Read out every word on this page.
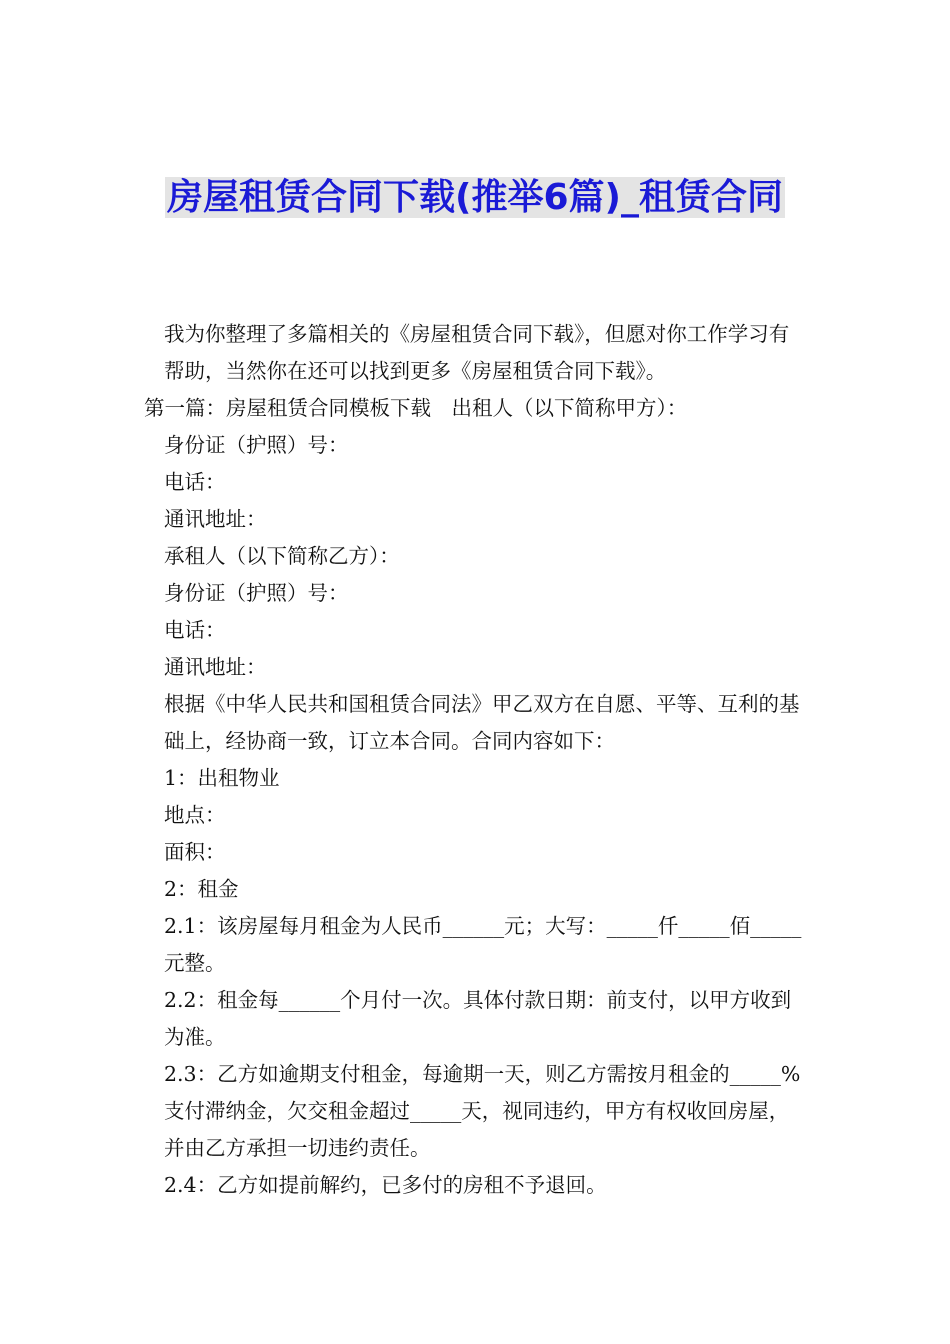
房屋租赁合同下载(推举6篇)_租赁合同

我为你整理了多篇相关的《房屋租赁合同下载》，但愿对你工作学习有帮助，当然你在还可以找到更多《房屋租赁合同下载》。

第一篇：房屋租赁合同模板下载　出租人（以下简称甲方）：

身份证（护照）号：

电话：

通讯地址：

承租人（以下简称乙方）：

身份证（护照）号：

电话：

通讯地址：

根据《中华人民共和国租赁合同法》甲乙双方在自愿、平等、互利的基础上，经协商一致，订立本合同。合同内容如下：

1：出租物业

地点：

面积：

2：租金

2.1：该房屋每月租金为人民币______元；大写：_____仟_____佰_____元整。

2.2：租金每______个月付一次。具体付款日期：前支付，以甲方收到为准。

2.3：乙方如逾期支付租金，每逾期一天，则乙方需按月租金的_____%支付滞纳金，欠交租金超过_____天，视同违约，甲方有权收回房屋，并由乙方承担一切违约责任。

2.4：乙方如提前解约，已多付的房租不予退回。
